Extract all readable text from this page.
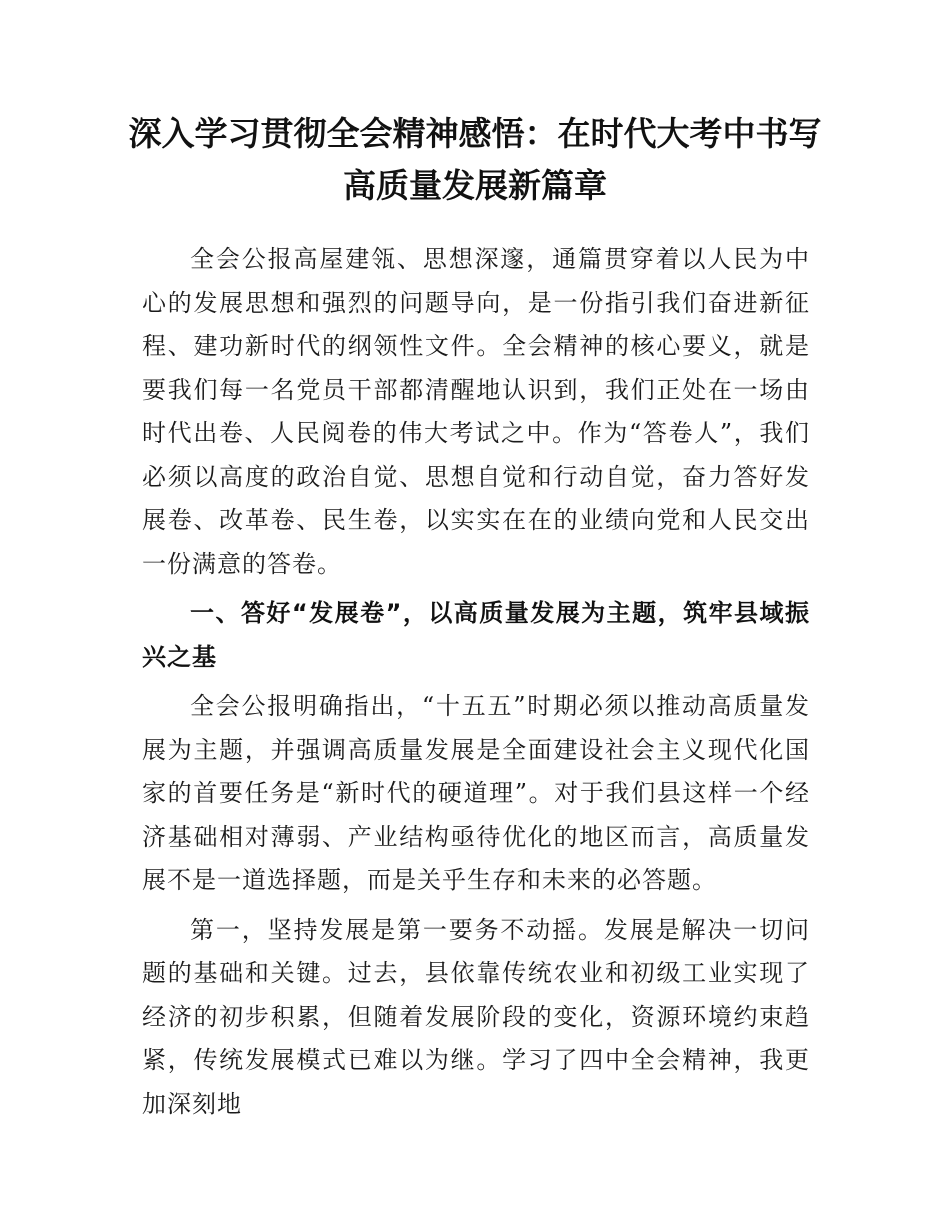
深入学习贯彻全会精神感悟：在时代大考中书写高质量发展新篇章

全会公报高屋建瓴、思想深邃，通篇贯穿着以人民为中心的发展思想和强烈的问题导向，是一份指引我们奋进新征程、建功新时代的纲领性文件。全会精神的核心要义，就是要我们每一名党员干部都清醒地认识到，我们正处在一场由时代出卷、人民阅卷的伟大考试之中。作为“答卷人”，我们必须以高度的政治自觉、思想自觉和行动自觉，奋力答好发展卷、改革卷、民生卷，以实实在在的业绩向党和人民交出一份满意的答卷。

一、答好“发展卷”，以高质量发展为主题，筑牢县域振兴之基

全会公报明确指出，“十五五”时期必须以推动高质量发展为主题，并强调高质量发展是全面建设社会主义现代化国家的首要任务是“新时代的硬道理”。对于我们县这样一个经济基础相对薄弱、产业结构亟待优化的地区而言，高质量发展不是一道选择题，而是关乎生存和未来的必答题。

第一，坚持发展是第一要务不动摇。发展是解决一切问题的基础和关键。过去，县依靠传统农业和初级工业实现了经济的初步积累，但随着发展阶段的变化，资源环境约束趋紧，传统发展模式已难以为继。学习了四中全会精神，我更加深刻地
